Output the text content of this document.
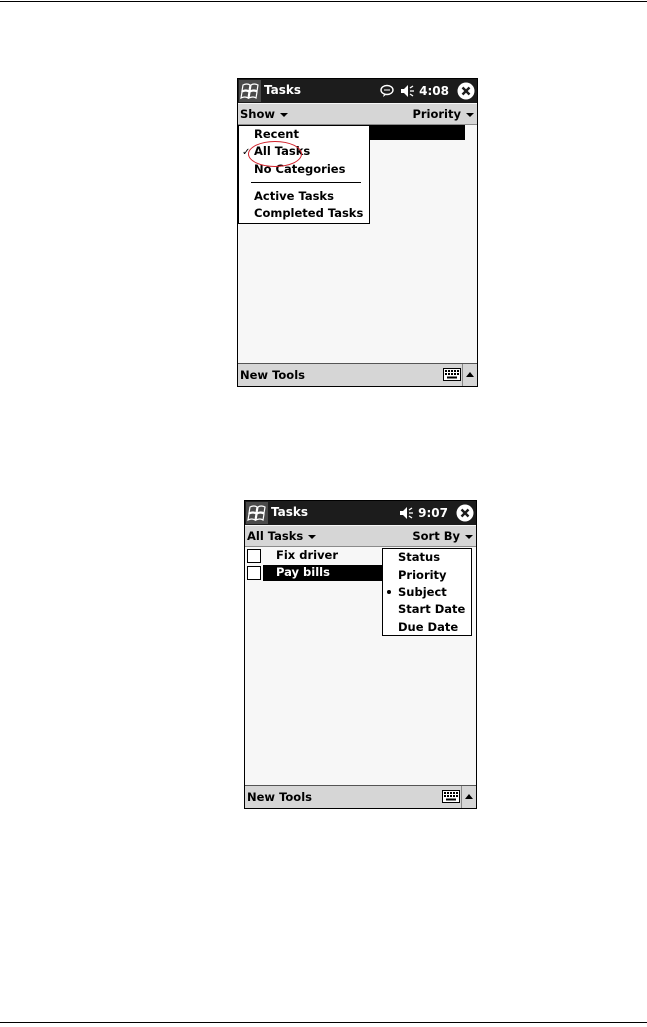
Tasks	4:08
Show	Priority
Recent
✓ All Tasks
No Categories
Active Tasks
Completed Tasks
New Tools
Tasks	9:07
All Tasks	Sort By
Fix driver
Pay bills
Status
Priority
Subject
Start Date
Due Date
New Tools
